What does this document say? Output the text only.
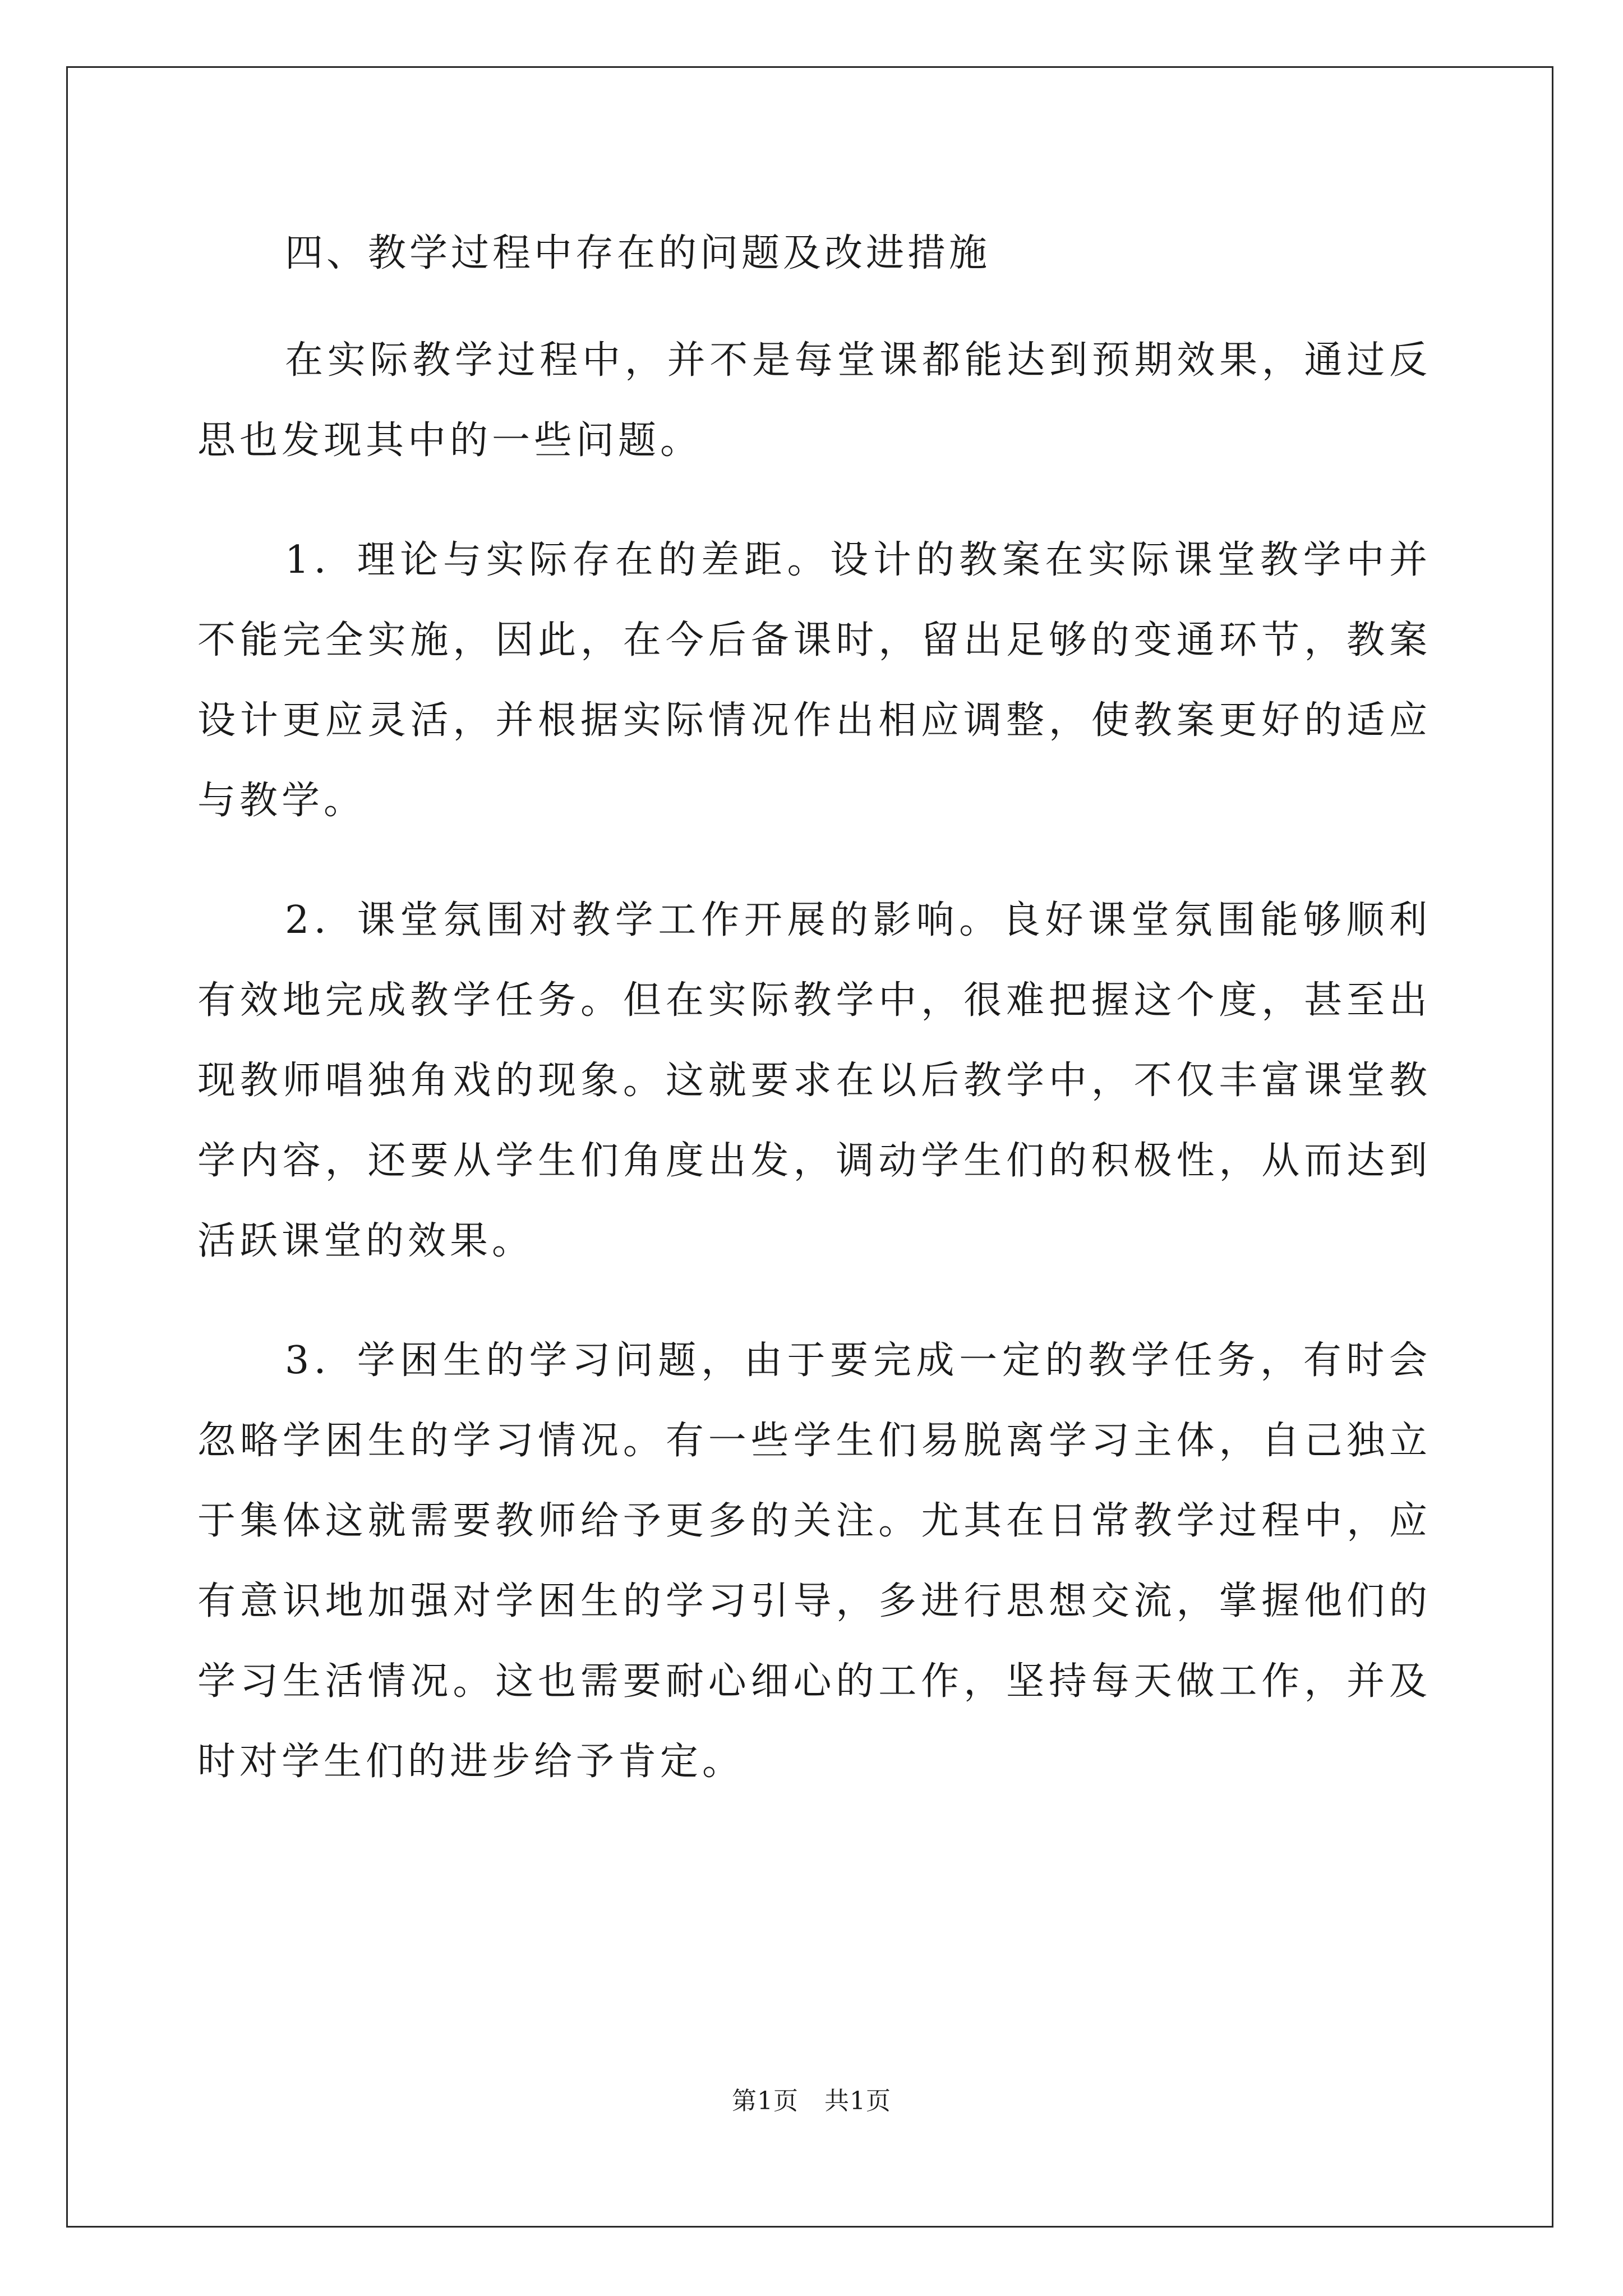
四、教学过程中存在的问题及改进措施

在实际教学过程中，并不是每堂课都能达到预期效果，通过反思也发现其中的一些问题。

1．理论与实际存在的差距。设计的教案在实际课堂教学中并不能完全实施，因此，在今后备课时，留出足够的变通环节，教案设计更应灵活，并根据实际情况作出相应调整，使教案更好的适应与教学。

2．课堂氛围对教学工作开展的影响。良好课堂氛围能够顺利有效地完成教学任务。但在实际教学中，很难把握这个度，甚至出现教师唱独角戏的现象。这就要求在以后教学中，不仅丰富课堂教学内容，还要从学生们角度出发，调动学生们的积极性，从而达到活跃课堂的效果。

3．学困生的学习问题，由于要完成一定的教学任务，有时会忽略学困生的学习情况。有一些学生们易脱离学习主体，自己独立于集体这就需要教师给予更多的关注。尤其在日常教学过程中，应有意识地加强对学困生的学习引导，多进行思想交流，掌握他们的学习生活情况。这也需要耐心细心的工作，坚持每天做工作，并及时对学生们的进步给予肯定。

第1页 共1页
